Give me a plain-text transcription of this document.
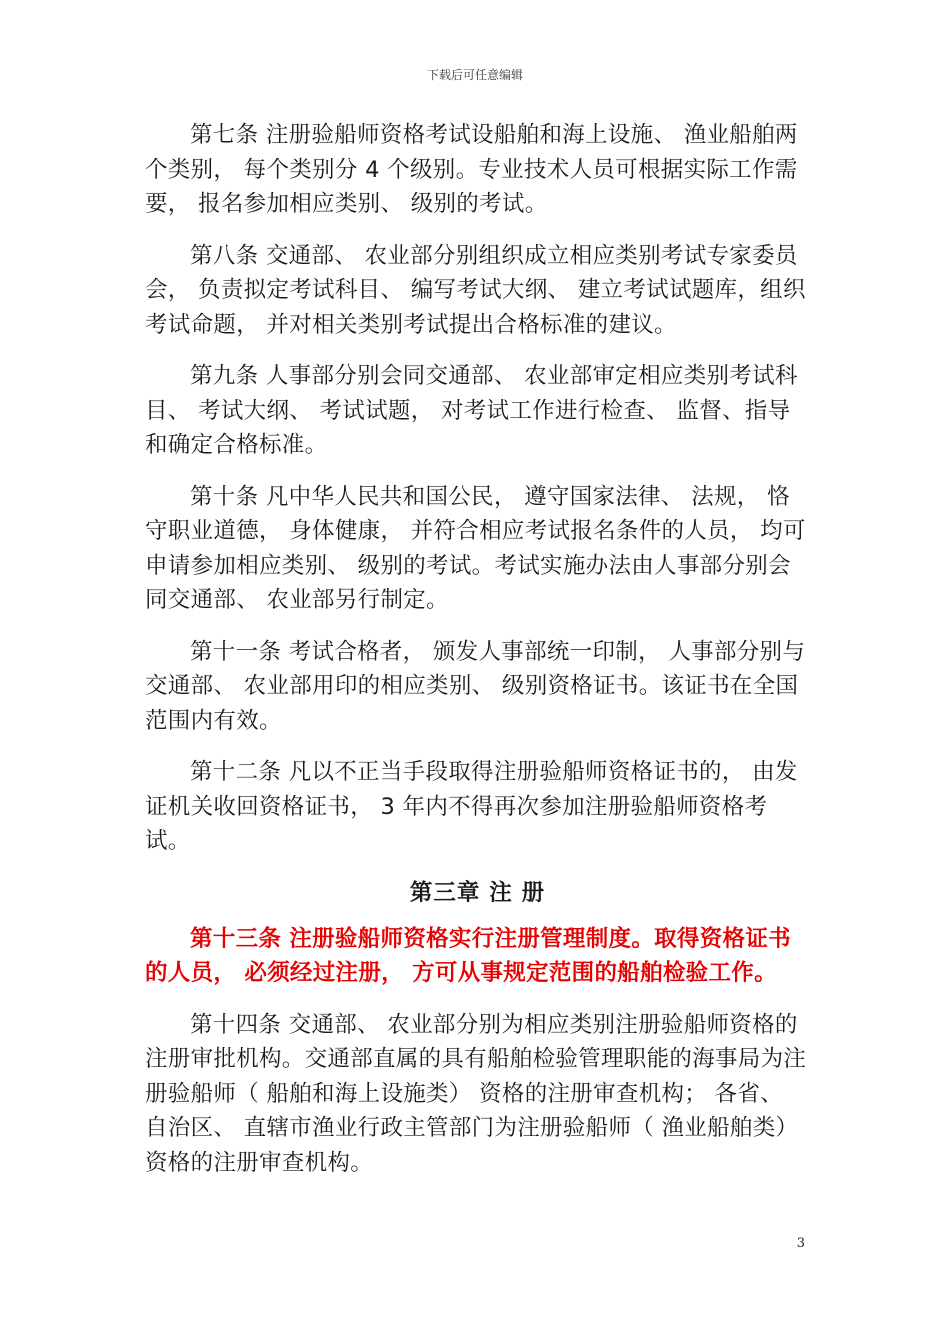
下载后可任意编辑

第七条 注册验船师资格考试设船舶和海上设施、 渔业船舶两个类别， 每个类别分 4 个级别。专业技术人员可根据实际工作需要， 报名参加相应类别、 级别的考试。

第八条 交通部、 农业部分别组织成立相应类别考试专家委员会， 负责拟定考试科目、 编写考试大纲、 建立考试试题库，组织考试命题， 并对相关类别考试提出合格标准的建议。

第九条 人事部分别会同交通部、 农业部审定相应类别考试科目、 考试大纲、 考试试题， 对考试工作进行检查、 监督、指导和确定合格标准。

第十条 凡中华人民共和国公民， 遵守国家法律、 法规， 恪守职业道德， 身体健康， 并符合相应考试报名条件的人员， 均可申请参加相应类别、 级别的考试。考试实施办法由人事部分别会同交通部、 农业部另行制定。

第十一条 考试合格者， 颁发人事部统一印制， 人事部分别与交通部、 农业部用印的相应类别、 级别资格证书。该证书在全国范围内有效。

第十二条 凡以不正当手段取得注册验船师资格证书的， 由发证机关收回资格证书， 3 年内不得再次参加注册验船师资格考试。

第三章 注 册

第十三条 注册验船师资格实行注册管理制度。取得资格证书的人员， 必须经过注册， 方可从事规定范围的船舶检验工作。

第十四条 交通部、 农业部分别为相应类别注册验船师资格的注册审批机构。交通部直属的具有船舶检验管理职能的海事局为注册验船师（ 船舶和海上设施类） 资格的注册审查机构； 各省、 自治区、 直辖市渔业行政主管部门为注册验船师（ 渔业船舶类） 资格的注册审查机构。

3
